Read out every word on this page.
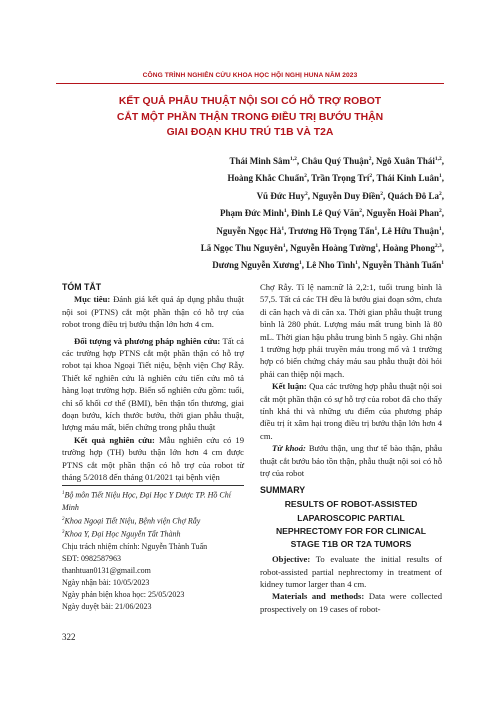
CÔNG TRÌNH NGHIÊN CỨU KHOA HỌC HỘI NGHỊ HUNA NĂM 2023
KẾT QUẢ PHẪU THUẬT NỘI SOI CÓ HỖ TRỢ ROBOT
CẮT MỘT PHẦN THẬN TRONG ĐIỀU TRỊ BƯỚU THẬN
GIAI ĐOẠN KHU TRÚ T1B VÀ T2A
Thái Minh Sâm$^{1,2}$, Châu Quý Thuận$^2$, Ngô Xuân Thái$^{1,2}$,
Hoàng Khắc Chuẩn$^2$, Trần Trọng Trí$^2$, Thái Kinh Luân$^1$,
Vũ Đức Huy$^2$, Nguyễn Duy Điền$^2$, Quách Đô La$^2$,
Phạm Đức Minh$^1$, Đinh Lê Quý Văn$^2$, Nguyễn Hoài Phan$^2$,
Nguyễn Ngọc $Hà^1$, Trương Hồ Trọng Tấn$^1$, Lê Hữu Thuận$^1$,
Lã Ngọc Thu Nguyên$^1$, Nguyễn Hoàng Tường$^1$, Hoàng Phong$^{2,3}$,
Dương Nguyễn Xương$^1$, Lê Nho Tình$^1$, Nguyễn Thành Tuấn$^1$
TÓM TẮT

Mục tiêu: Đánh giá kết quả áp dụng phẫu thuật nội soi (PTNS) cắt một phần thận có hỗ trợ của robot trong điều trị bướu thận lớn hơn 4 cm.

Đối tượng và phương pháp nghiên cứu: Tất cả các trường hợp PTNS cắt một phần thận có hỗ trợ robot tại khoa Ngoại Tiết niệu, bệnh viện Chợ Rẫy. Thiết kế nghiên cứu là nghiên cứu tiến cứu mô tả hàng loạt trường hợp. Biến số nghiên cứu gồm: tuổi, chỉ số khối cơ thể (BMI), bên thận tổn thương, giai đoạn bướu, kích thước bướu, thời gian phẫu thuật, lượng máu mất, biến chứng trong phẫu thuật

Kết quả nghiên cứu: Mẫu nghiên cứu có 19 trường hợp (TH) bướu thận lớn hơn 4 cm được PTNS cắt một phần thận có hỗ trợ của robot từ tháng 5/2018 đến tháng 01/2021 tại bệnh viện

$^1$Bộ môn Tiết Niệu Học, Đại Học Y Dược TP. Hồ Chí Minh
$^2$Khoa Ngoại Tiết Niệu, Bệnh viện Chợ Rẫy
$^3$Khoa Y, Đại Học Nguyễn Tất Thành
Chịu trách nhiệm chính: Nguyễn Thành Tuấn
SĐT: 0982587963
thanhtuan0131@gmail.com
Ngày nhận bài: 10/05/2023
Ngày phản biện khoa học: 25/05/2023
Ngày duyệt bài: 21/06/2023

Chợ Rẫy. Tỉ lệ nam:nữ là 2,2:1, tuổi trung bình là 57,5. Tất cả các TH đều là bướu giai đoạn sớm, chưa di căn hạch và di căn xa. Thời gian phẫu thuật trung bình là 280 phút. Lượng máu mất trung bình là 80 mL. Thời gian hậu phẫu trung bình 5 ngày. Ghi nhận 1 trường hợp phải truyền máu trong mổ và 1 trường hợp có biến chứng chảy máu sau phẫu thuật đòi hỏi phải can thiệp nội mạch.

Kết luận: Qua các trường hợp phẫu thuật nội soi cắt một phần thận có sự hỗ trợ của robot đã cho thấy tính khả thi và những ưu điểm của phương pháp điều trị ít xâm hại trong điều trị bướu thận lớn hơn 4 cm.

Từ khoá: Bướu thận, ung thư tế bào thận, phẫu thuật cắt bướu bảo tồn thận, phẫu thuật nội soi có hỗ trợ của robot

SUMMARY
RESULTS OF ROBOT-ASSISTED
LAPAROSCOPIC PARTIAL
NEPHRECTOMY FOR FOR CLINICAL
STAGE T1B OR T2A TUMORS

Objective: To evaluate the initial results of robot-assisted partial nephrectomy in treatment of kidney tumor larger than 4 cm.

Materials and methods: Data were collected prospectively on 19 cases of robot-

322
